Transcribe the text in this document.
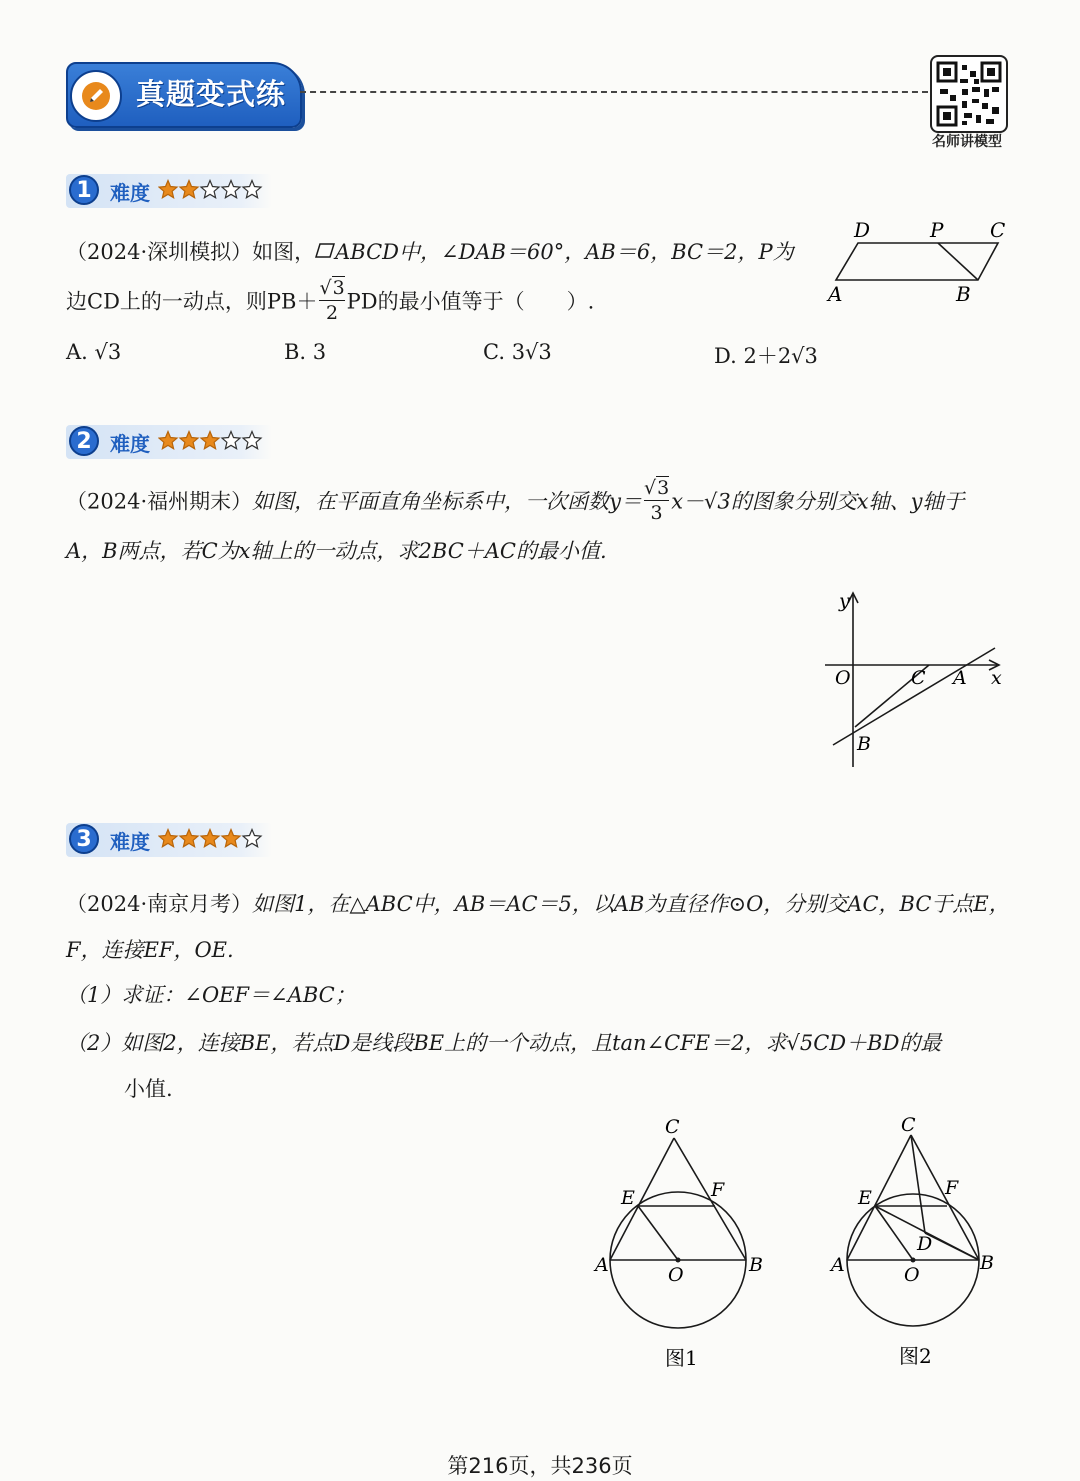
真题变式练
名师讲模型
1 难度
（2024·深圳模拟）如图， ABCD中，∠DAB＝60°，AB＝6，BC＝2，P为
边CD上的一动点，则$PB+ \frac{√3}{2}$ PD的最小值等于（　　）.
A. √3	B. 3	C. 3√3	D. 2＋2√3
D	P C
A	B
2 难度
（2024·福州期末）如图，在平面直角坐标系中，一次函数$y= \frac{√3}{3} x-√3$的图象分别交x轴、y轴于
A，B两点，若C为x轴上的一动点，求2BC＋AC的最小值.
y
O	C A x
B
3 难度
（2024·南京月考）如图1，在△ABC中，AB＝AC＝5，以AB为直径作⊙O，分别交AC，BC于点E，
F，连接EF，OE.
（1）求证：∠OEF＝∠ABC；
（2）如图2，连接BE，若点D是线段BE上的一个动点，且tan∠CFE＝2，求√5CD＋BD的最
小值.
C
E	F
A	O	B
图1
C
E	F
D
A	O
B
图2
第216页，共236页
